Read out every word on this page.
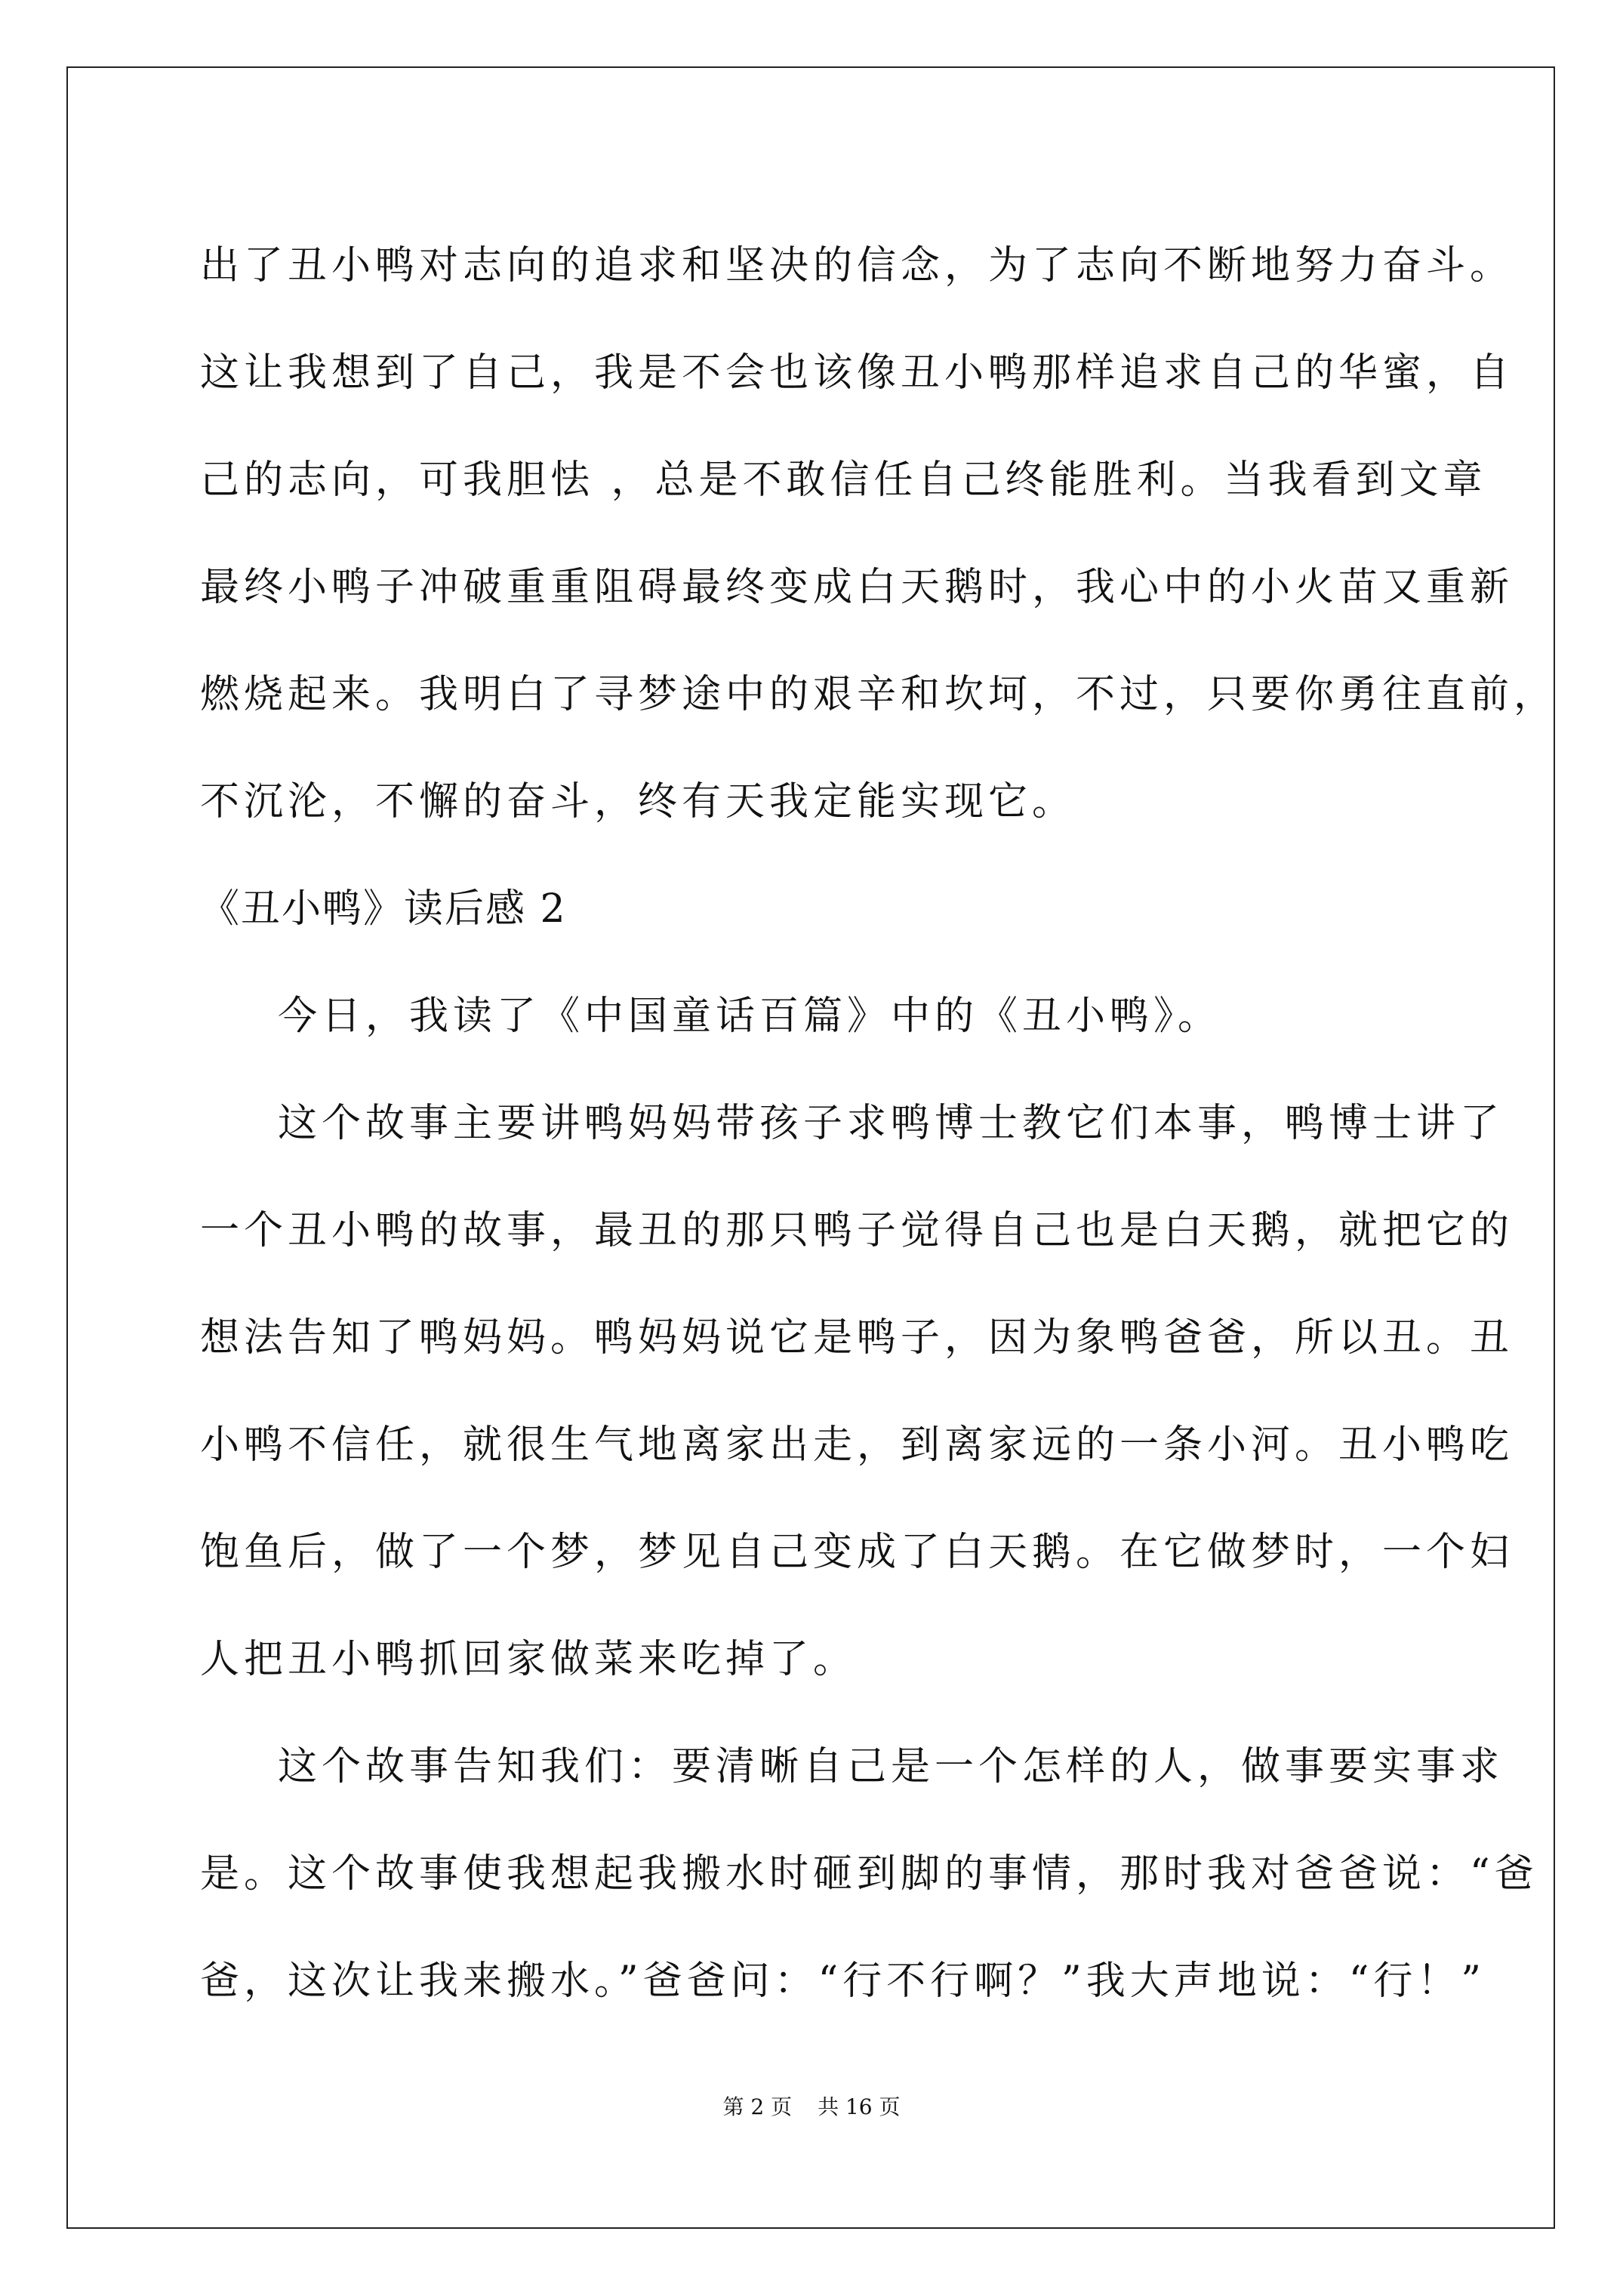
出了丑小鸭对志向的追求和坚决的信念，为了志向不断地努力奋斗。
这让我想到了自己，我是不会也该像丑小鸭那样追求自己的华蜜，自
己的志向，可我胆怯 ，总是不敢信任自己终能胜利。当我看到文章
最终小鸭子冲破重重阻碍最终变成白天鹅时，我心中的小火苗又重新
燃烧起来。我明白了寻梦途中的艰辛和坎坷，不过，只要你勇往直前，
不沉沦，不懈的奋斗，终有天我定能实现它。
《丑小鸭》读后感 2
今日，我读了《中国童话百篇》中的《丑小鸭》。
这个故事主要讲鸭妈妈带孩子求鸭博士教它们本事，鸭博士讲了
一个丑小鸭的故事，最丑的那只鸭子觉得自己也是白天鹅，就把它的
想法告知了鸭妈妈。鸭妈妈说它是鸭子，因为象鸭爸爸，所以丑。丑
小鸭不信任，就很生气地离家出走，到离家远的一条小河。丑小鸭吃
饱鱼后，做了一个梦，梦见自己变成了白天鹅。在它做梦时，一个妇
人把丑小鸭抓回家做菜来吃掉了。
这个故事告知我们：要清晰自己是一个怎样的人，做事要实事求
是。这个故事使我想起我搬水时砸到脚的事情，那时我对爸爸说：“爸
爸，这次让我来搬水。”爸爸问：“行不行啊？”我大声地说：“行！”
第 2 页 共 16 页
